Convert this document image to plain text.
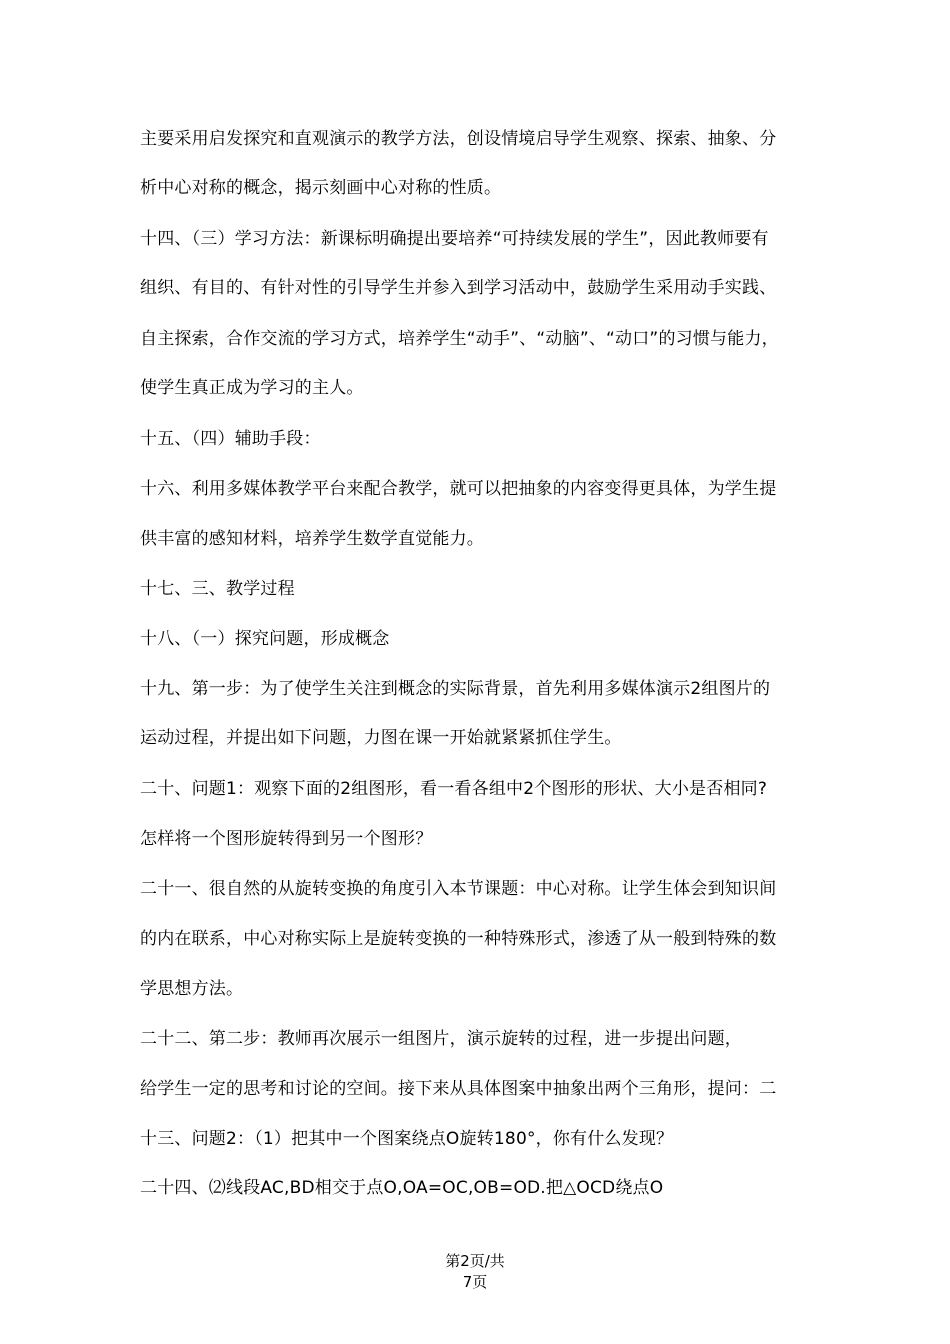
主要采用启发探究和直观演示的教学方法，创设情境启导学生观察、探索、抽象、分
析中心对称的概念，揭示刻画中心对称的性质。
十四、（三）学习方法：新课标明确提出要培养“可持续发展的学生”，因此教师要有
组织、有目的、有针对性的引导学生并参入到学习活动中，鼓励学生采用动手实践、
自主探索，合作交流的学习方式，培养学生“动手”、“动脑”、“动口”的习惯与能力，
使学生真正成为学习的主人。
十五、（四）辅助手段：
十六、利用多媒体教学平台来配合教学，就可以把抽象的内容变得更具体，为学生提
供丰富的感知材料，培养学生数学直觉能力。
十七、三、教学过程
十八、（一）探究问题，形成概念
十九、第一步：为了使学生关注到概念的实际背景，首先利用多媒体演示2组图片的
运动过程，并提出如下问题，力图在课一开始就紧紧抓住学生。
二十、问题1：观察下面的2组图形，看一看各组中2个图形的形状、大小是否相同?
怎样将一个图形旋转得到另一个图形？
二十一、很自然的从旋转变换的角度引入本节课题：中心对称。让学生体会到知识间
的内在联系，中心对称实际上是旋转变换的一种特殊形式，渗透了从一般到特殊的数
学思想方法。
二十二、第二步：教师再次展示一组图片，演示旋转的过程，进一步提出问题，
给学生一定的思考和讨论的空间。接下来从具体图案中抽象出两个三角形，提问：二
十三、问题2：（1）把其中一个图案绕点O旋转180°，你有什么发现？
二十四、⑵线段AC,BD相交于点O,OA=OC,OB=OD.把△OCD绕点O
第2页/共
7页
